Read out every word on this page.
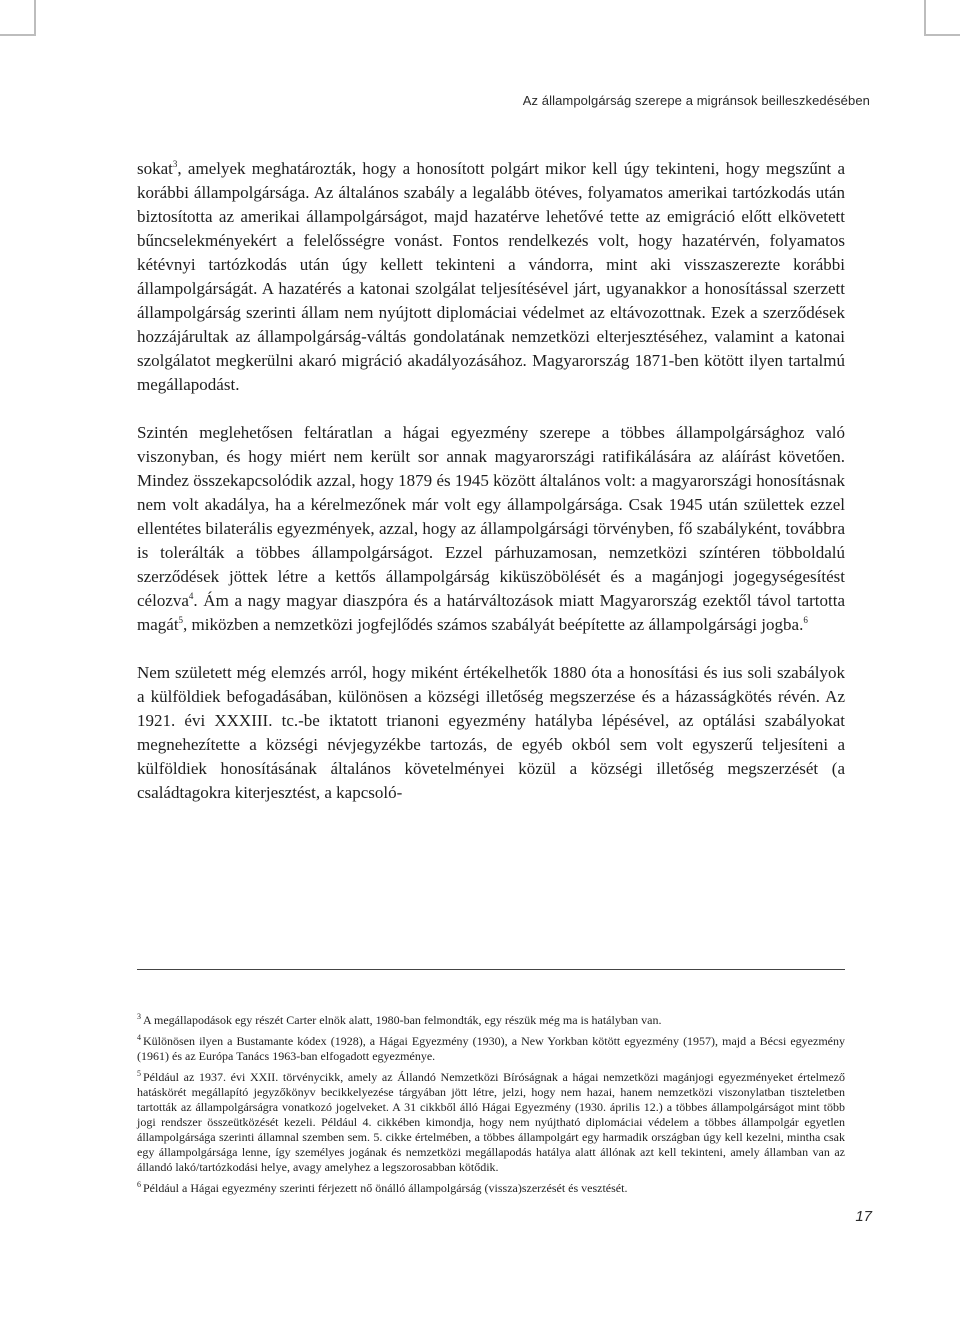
Az állampolgárság szerepe a migránsok beilleszkedésében

sokat$^3$, amelyek meghatározták, hogy a honosított polgárt mikor kell úgy tekinteni, hogy megszűnt a korábbi állampolgársága. Az általános szabály a legalább ötéves, folyamatos amerikai tartózkodás után biztosította az amerikai állampolgárságot, majd hazatérve lehetővé tette az emigráció előtt elkövetett bűncselekményekért a felelősségre vonást. Fontos rendelkezés volt, hogy hazatérvén, folyamatos kétévnyi tartózkodás után úgy kellett tekinteni a vándorra, mint aki visszaszerezte korábbi állampolgárságát. A hazatérés a katonai szolgálat teljesítésével járt, ugyanakkor a honosítással szerzett állampolgárság szerinti állam nem nyújtott diplomáciai védelmet az eltávozottnak. Ezek a szerződések hozzájárultak az állampolgárság-váltás gondolatának nemzetközi elterjesztéséhez, valamint a katonai szolgálatot megkerülni akaró migráció akadályozásához. Magyarország 1871-ben kötött ilyen tartalmú megállapodást.

Szintén meglehetősen feltáratlan a hágai egyezmény szerepe a többes állampolgársághoz való viszonyban, és hogy miért nem került sor annak magyarországi ratifikálására az aláírást követően. Mindez összekapcsolódik azzal, hogy 1879 és 1945 között általános volt: a magyarországi honosításnak nem volt akadálya, ha a kérelmezőnek már volt egy állampolgársága. Csak 1945 után születtek ezzel ellentétes bilaterális egyezmények, azzal, hogy az állampolgársági törvényben, fő szabályként, továbbra is tolerálták a többes állampolgárságot. Ezzel párhuzamosan, nemzetközi színtéren többoldalú szerződések jöttek létre a kettős állampolgárság kiküszöbölését és a magánjogi jogegységesítést célozva$^4$. Ám a nagy magyar diaszpóra és a határváltozások miatt Magyarország ezektől távol tartotta magát$^5$, miközben a nemzetközi jogfejlődés számos szabályát beépítette az állampolgársági jogba.$^6$

Nem született még elemzés arról, hogy miként értékelhetők 1880 óta a honosítási és ius soli szabályok a külföldiek befogadásában, különösen a községi illetőség megszerzése és a házasságkötés révén. Az 1921. évi XXXIII. tc.-be iktatott trianoni egyezmény hatályba lépésével, az optálási szabályokat megnehezítette a községi névjegyzékbe tartozás, de egyéb okból sem volt egyszerű teljesíteni a külföldiek honosításának általános követelményei közül a községi illetőség megszerzését (a családtagokra kiterjesztést, a kapcsoló-

$^3$ A megállapodások egy részét Carter elnök alatt, 1980-ban felmondták, egy részük még ma is hatályban van.

$^4$ Különösen ilyen a Bustamante kódex (1928), a Hágai Egyezmény (1930), a New Yorkban kötött egyezmény (1957), majd a Bécsi egyezmény (1961) és az Európa Tanács 1963-ban elfogadott egyezménye.

$^5$ Például az 1937. évi XXII. törvénycikk, amely az Állandó Nemzetközi Bíróságnak a hágai nemzetközi magánjogi egyezményeket értelmező hatáskörét megállapító jegyzőkönyv becikkelyezése tárgyában jött létre, jelzi, hogy nem hazai, hanem nemzetközi viszonylatban tiszteletben tartották az állampolgárságra vonatkozó jogelveket. A 31 cikkből álló Hágai Egyezmény (1930. április 12.) a többes állampolgárságot mint több jogi rendszer összeütközését kezeli. Például 4. cikkében kimondja, hogy nem nyújtható diplomáciai védelem a többes állampolgár egyetlen állampolgársága szerinti államnal szemben sem. 5. cikke értelmében, a többes állampolgárt egy harmadik országban úgy kell kezelni, mintha csak egy állampolgársága lenne, így személyes jogának és nemzetközi megállapodás hatálya alatt állónak azt kell tekinteni, amely államban van az állandó lakó/tartózkodási helye, avagy amelyhez a legszorosabban kötődik.

$^6$ Például a Hágai egyezmény szerinti férjezett nő önálló állampolgárság (vissza)szerzését és vesztését.

17
